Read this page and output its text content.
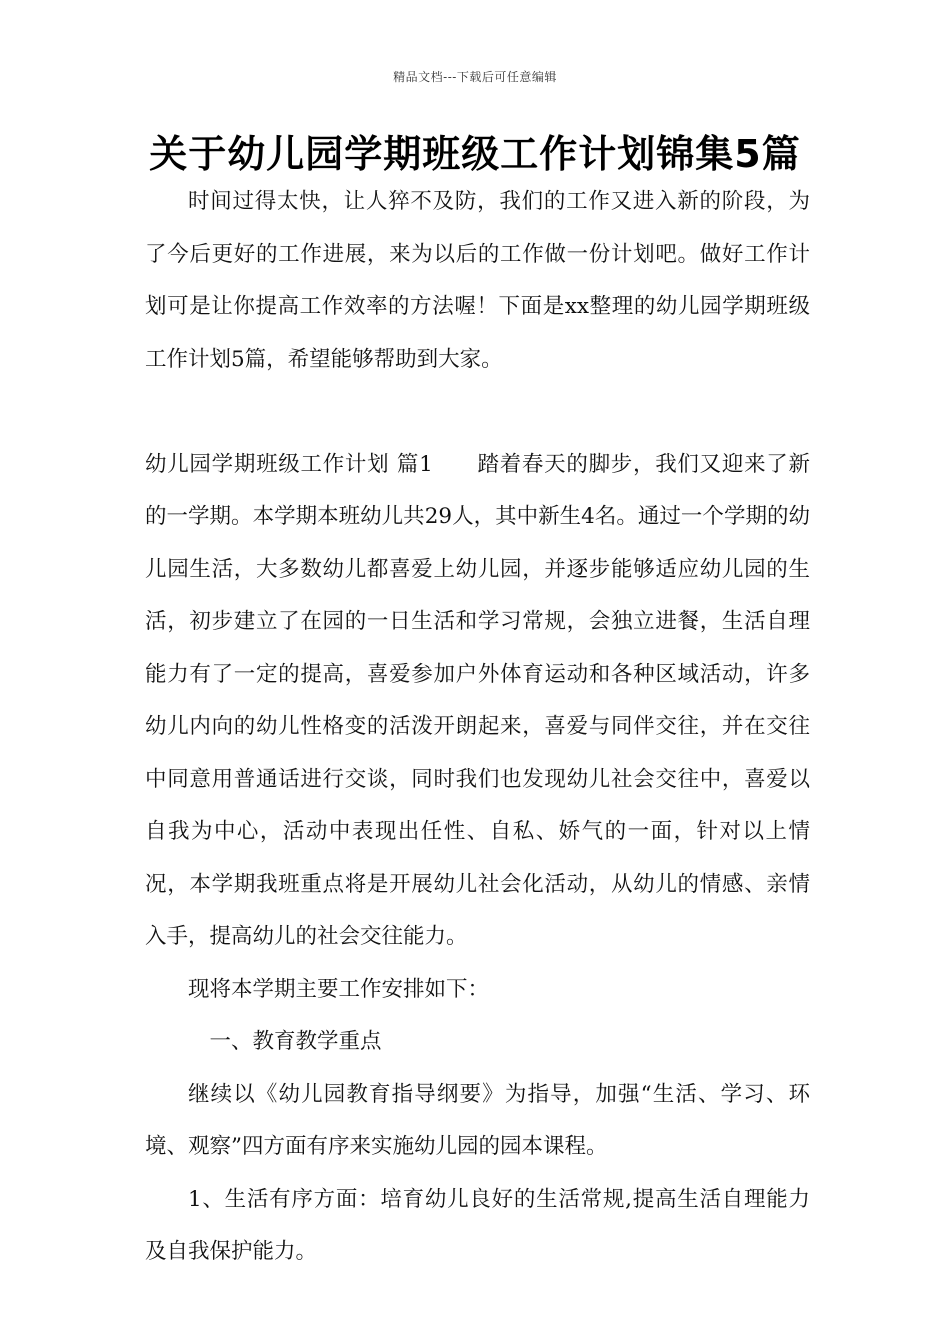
精品文档---下载后可任意编辑
关于幼儿园学期班级工作计划锦集5篇

时间过得太快，让人猝不及防，我们的工作又进入新的阶段，为了今后更好的工作进展，来为以后的工作做一份计划吧。做好工作计划可是让你提高工作效率的方法喔！下面是xx整理的幼儿园学期班级工作计划5篇，希望能够帮助到大家。

幼儿园学期班级工作计划 篇1 踏着春天的脚步，我们又迎来了新的一学期。本学期本班幼儿共29人，其中新生4名。通过一个学期的幼儿园生活，大多数幼儿都喜爱上幼儿园，并逐步能够适应幼儿园的生活，初步建立了在园的一日生活和学习常规，会独立进餐，生活自理能力有了一定的提高，喜爱参加户外体育运动和各种区域活动，许多幼儿内向的幼儿性格变的活泼开朗起来，喜爱与同伴交往，并在交往中同意用普通话进行交谈，同时我们也发现幼儿社会交往中，喜爱以自我为中心，活动中表现出任性、自私、娇气的一面，针对以上情况，本学期我班重点将是开展幼儿社会化活动，从幼儿的情感、亲情入手，提高幼儿的社会交往能力。

现将本学期主要工作安排如下：

一、教育教学重点

继续以《幼儿园教育指导纲要》为指导，加强“生活、学习、环境、观察”四方面有序来实施幼儿园的园本课程。

1、生活有序方面：培育幼儿良好的生活常规,提高生活自理能力及自我保护能力。
